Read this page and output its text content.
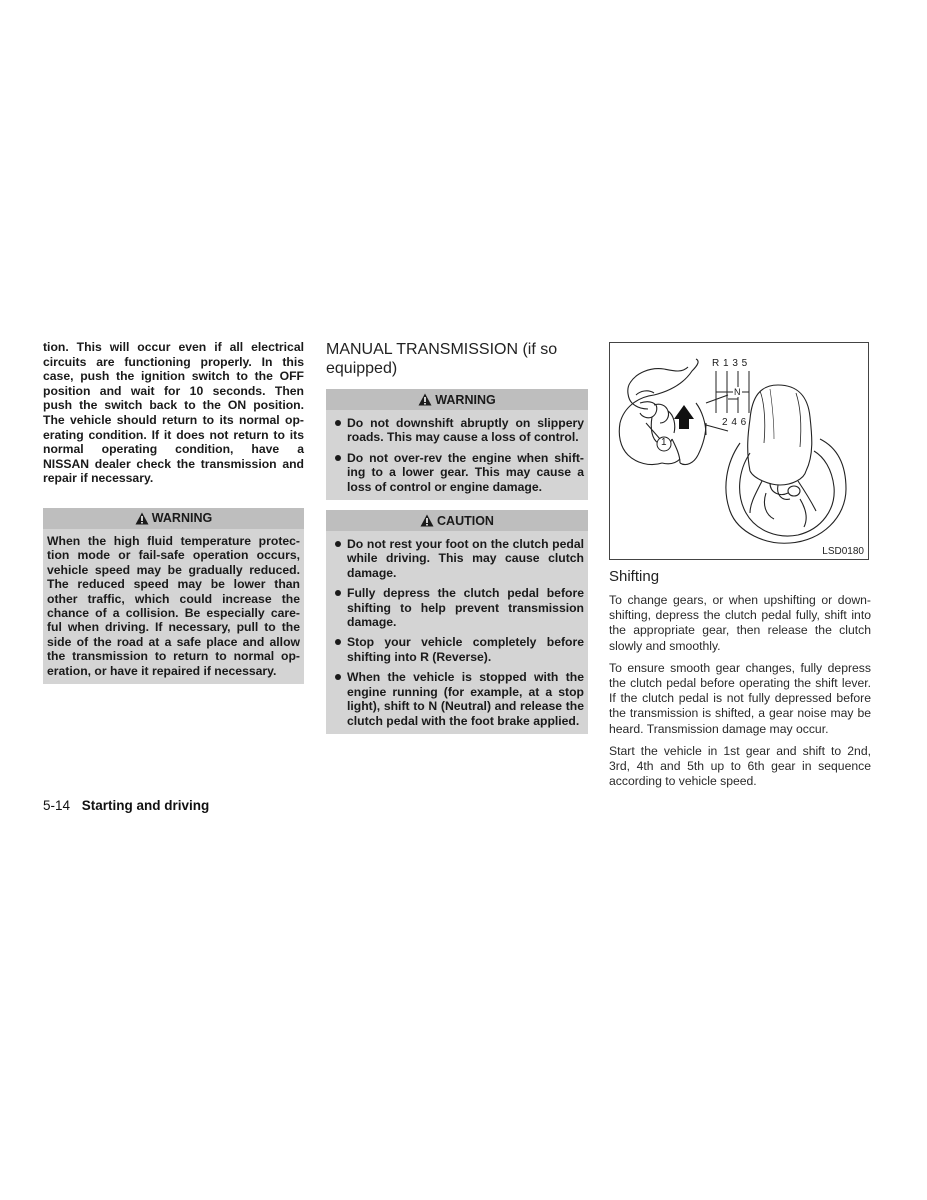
tion. This will occur even if all electrical
circuits are functioning properly. In this
case, push the ignition switch to the OFF
position and wait for 10 seconds. Then
push the switch back to the ON position.
The vehicle should return to its normal op-
erating condition. If it does not return to its
normal operating condition, have a
NISSAN dealer check the transmission and
repair if necessary.
WARNING
When the high fluid temperature protec-
tion mode or fail-safe operation occurs,
vehicle speed may be gradually reduced.
The reduced speed may be lower than
other traffic, which could increase the
chance of a collision. Be especially care-
ful when driving. If necessary, pull to the
side of the road at a safe place and allow
the transmission to return to normal op-
eration, or have it repaired if necessary.
MANUAL TRANSMISSION (if so
equipped)
WARNING
Do not downshift abruptly on slippery roads. This may cause a loss of control.
Do not over-rev the engine when shift- ing to a lower gear. This may cause a loss of control or engine damage.
CAUTION
Do not rest your foot on the clutch pedal while driving. This may cause clutch damage.
Fully depress the clutch pedal before shifting to help prevent transmission damage.
Stop your vehicle completely before shifting into R (Reverse).
When the vehicle is stopped with the engine running (for example, at a stop light), shift to N (Neutral) and release the clutch pedal with the foot brake applied.
R 1 3 5
N
2 4 6
1
LSD0180
Shifting

To change gears, or when upshifting or down- shifting, depress the clutch pedal fully, shift into the appropriate gear, then release the clutch slowly and smoothly.

To ensure smooth gear changes, fully depress the clutch pedal before operating the shift lever. If the clutch pedal is not fully depressed before the transmission is shifted, a gear noise may be heard. Transmission damage may occur.

Start the vehicle in 1st gear and shift to 2nd, 3rd, 4th and 5th up to 6th gear in sequence according to vehicle speed.

5-14 Starting and driving
